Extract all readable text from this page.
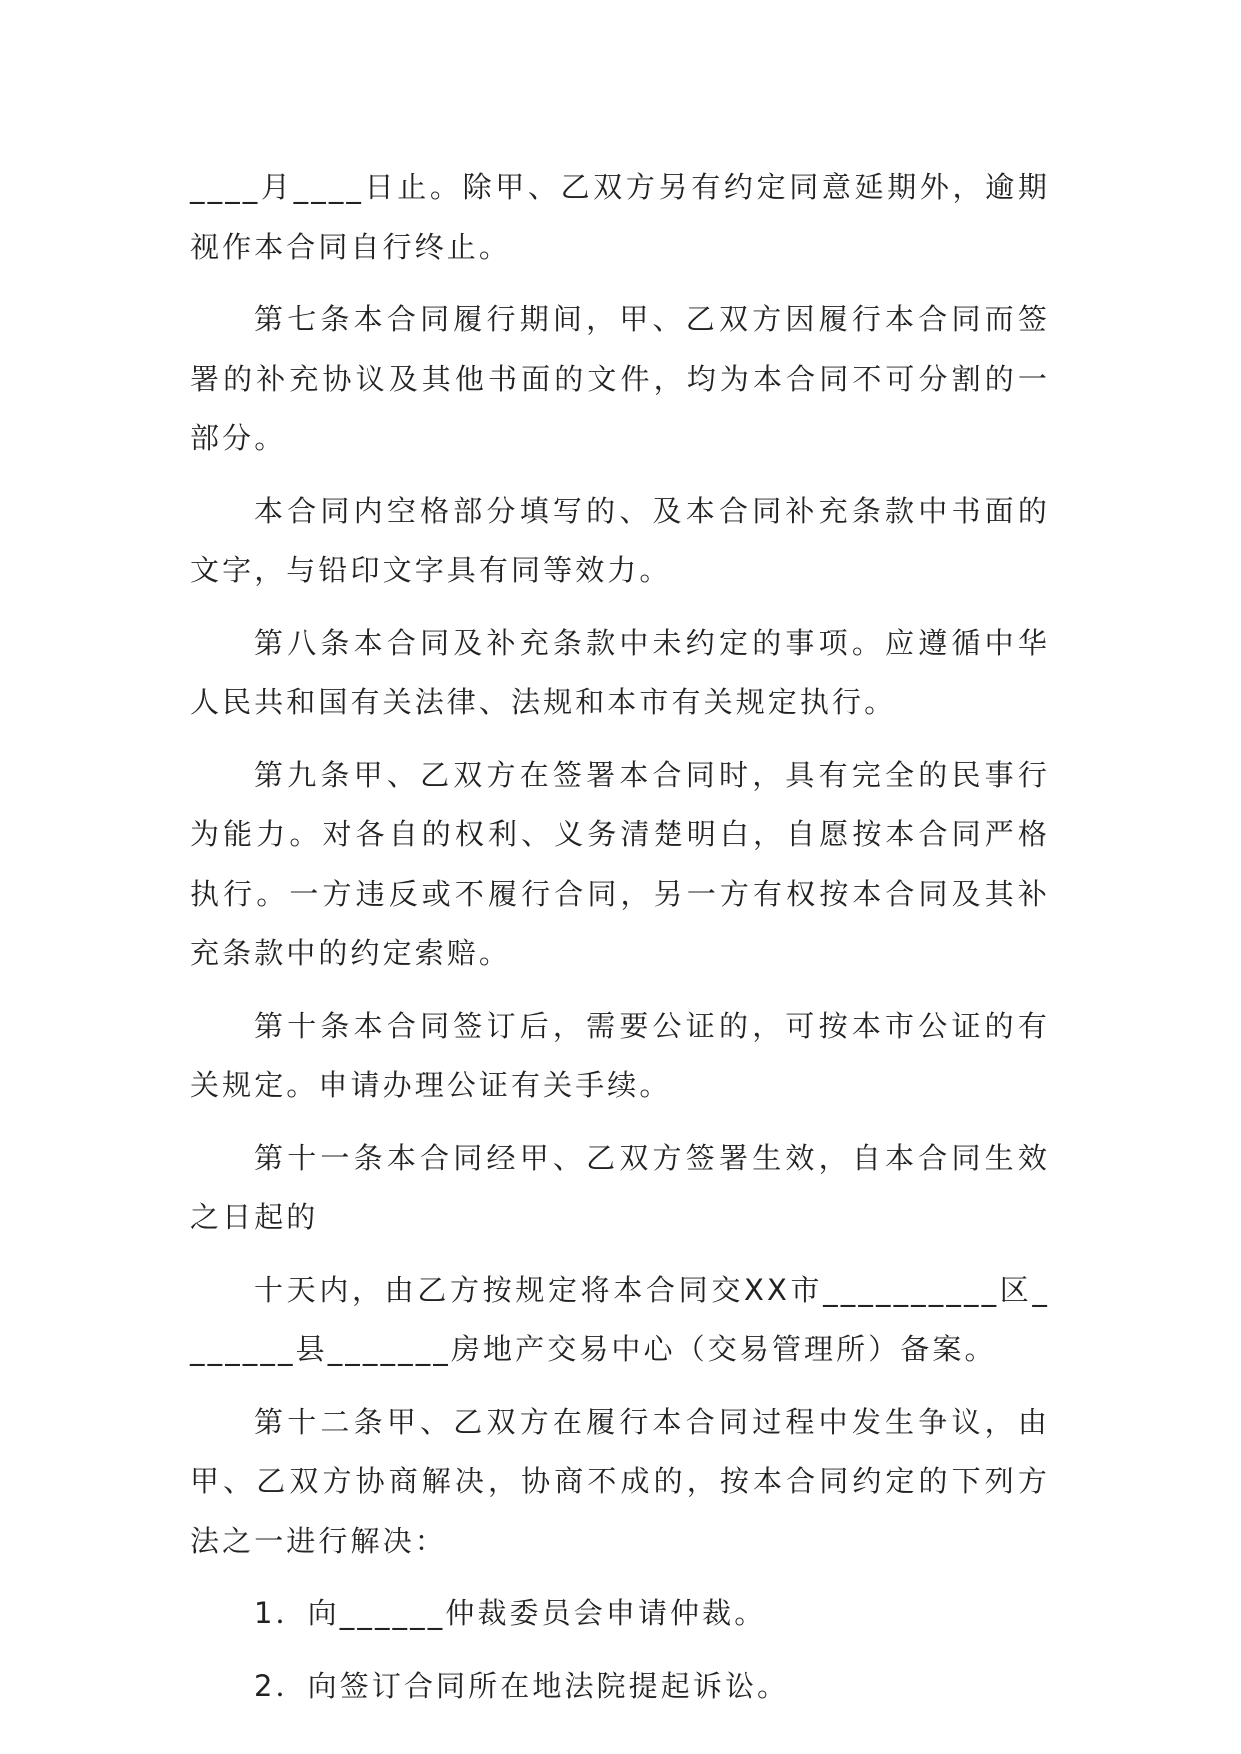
____月____日止。除甲、乙双方另有约定同意延期外，逾期视作本合同自行终止。

第七条本合同履行期间，甲、乙双方因履行本合同而签署的补充协议及其他书面的文件，均为本合同不可分割的一部分。

本合同内空格部分填写的、及本合同补充条款中书面的文字，与铅印文字具有同等效力。

第八条本合同及补充条款中未约定的事项。应遵循中华人民共和国有关法律、法规和本市有关规定执行。

第九条甲、乙双方在签署本合同时，具有完全的民事行为能力。对各自的权利、义务清楚明白，自愿按本合同严格执行。一方违反或不履行合同，另一方有权按本合同及其补充条款中的约定索赔。

第十条本合同签订后，需要公证的，可按本市公证的有关规定。申请办理公证有关手续。

第十一条本合同经甲、乙双方签署生效，自本合同生效之日起的

十天内，由乙方按规定将本合同交XX市__________区_______县_______房地产交易中心（交易管理所）备案。

第十二条甲、乙双方在履行本合同过程中发生争议，由甲、乙双方协商解决，协商不成的，按本合同约定的下列方法之一进行解决：

1．向______仲裁委员会申请仲裁。

2．向签订合同所在地法院提起诉讼。
